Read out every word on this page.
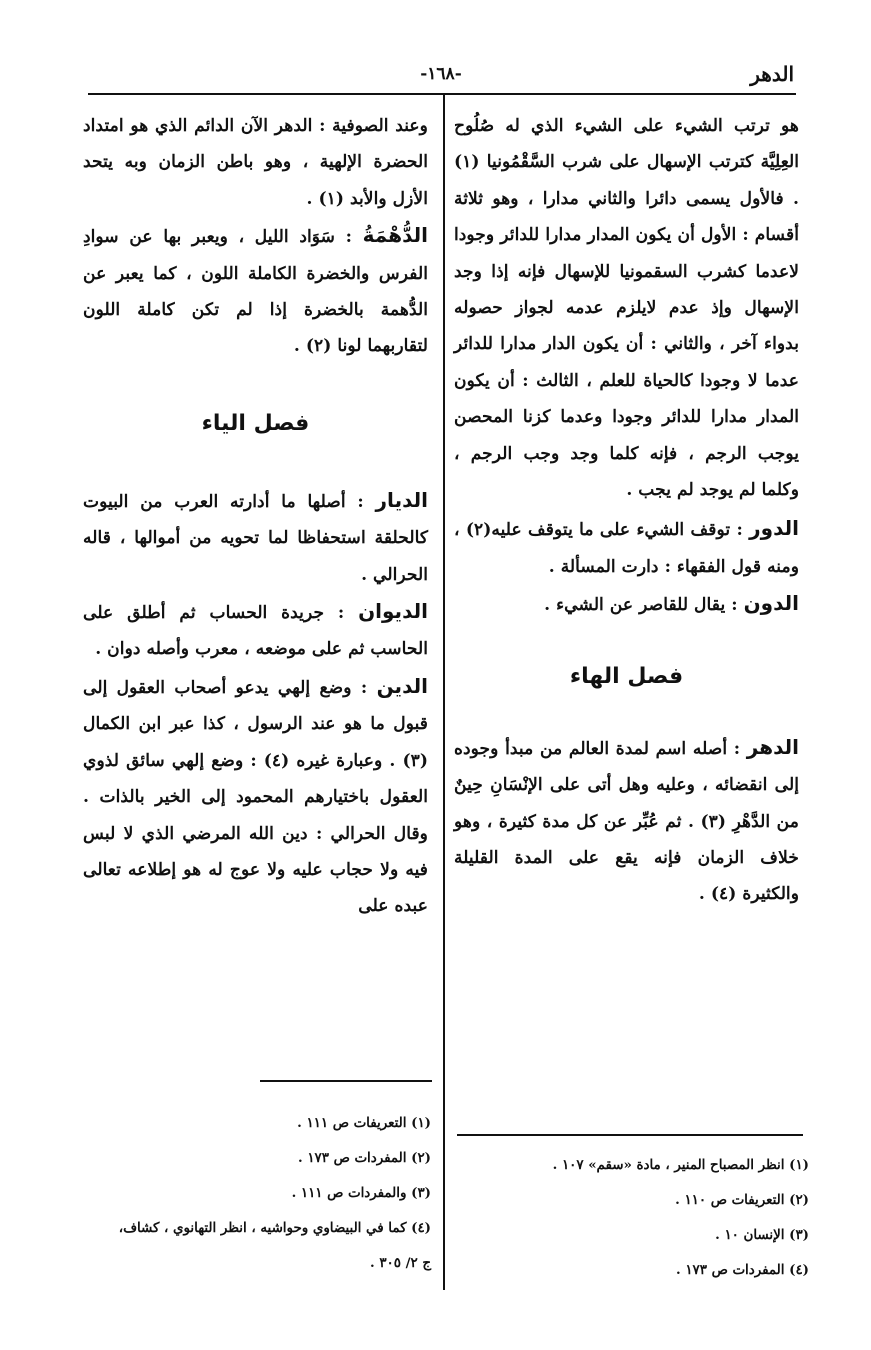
الدهر
-١٦٨-

هو ترتب الشيء على الشيء الذي له صُلُوح العِلِيَّة كترتب الإسهال على شرب السَّقْمُونيا (١) . فالأول يسمى دائرا والثاني مدارا ، وهو ثلاثة أقسام : الأول أن يكون المدار مدارا للدائر وجودا لاعدما كشرب السقمونيا للإسهال فإنه إذا وجد الإسهال وإذ عدم لايلزم عدمه لجواز حصوله بدواء آخر ، والثاني : أن يكون الدار مدارا للدائر عدما لا وجودا كالحياة للعلم ، الثالث : أن يكون المدار مدارا للدائر وجودا وعدما كزنا المحصن يوجب الرجم ، فإنه كلما وجد وجب الرجم ، وكلما لم يوجد لم يجب .

الدور : توقف الشيء على ما يتوقف عليه(٢) ، ومنه قول الفقهاء : دارت المسألة .

الدون : يقال للقاصر عن الشيء .

فصل الهاء

الدهر : أصله اسم لمدة العالم من مبدأ وجوده إلى انقضائه ، وعليه وهل أتى على الإنْسَانِ حِينٌ من الدَّهْرِ (٣) . ثم عُبِّر عن كل مدة كثيرة ، وهو خلاف الزمان فإنه يقع على المدة القليلة والكثيرة (٤) .

(١) انظر المصباح المنير ، مادة «سقم» ١٠٧ .
(٢) التعريفات ص ١١٠ .
(٣) الإنسان ١٠ .
(٤) المفردات ص ١٧٣ .

وعند الصوفية : الدهر الآن الدائم الذي هو امتداد الحضرة الإلهية ، وهو باطن الزمان وبه يتحد الأزل والأبد (١) .

الدُّهْمَةُ : سَوَاد الليل ، ويعبر بها عن سوادِ الفرس والخضرة الكاملة اللون ، كما يعبر عن الدُّهمة بالخضرة إذا لم تكن كاملة اللون لتقاربهما لونا (٢) .

فصل الياء

الديار : أصلها ما أدارته العرب من البيوت كالحلقة استحفاظا لما تحويه من أموالها ، قاله الحرالي .

الديوان : جريدة الحساب ثم أطلق على الحاسب ثم على موضعه ، معرب وأصله دوان .

الدين : وضع إلهي يدعو أصحاب العقول إلى قبول ما هو عند الرسول ، كذا عبر ابن الكمال (٣) . وعبارة غيره (٤) : وضع إلهي سائق لذوي العقول باختيارهم المحمود إلى الخير بالذات . وقال الحرالي : دين الله المرضي الذي لا لبس فيه ولا حجاب عليه ولا عوج له هو إطلاعه تعالى عبده على

(١) التعريفات ص ١١١ .
(٢) المفردات ص ١٧٣ .
(٣) والمفردات ص ١١١ .
(٤) كما في البيضاوي وحواشيه ، انظر التهانوي ، كشاف،
ج ٢/ ٣٠٥ .
